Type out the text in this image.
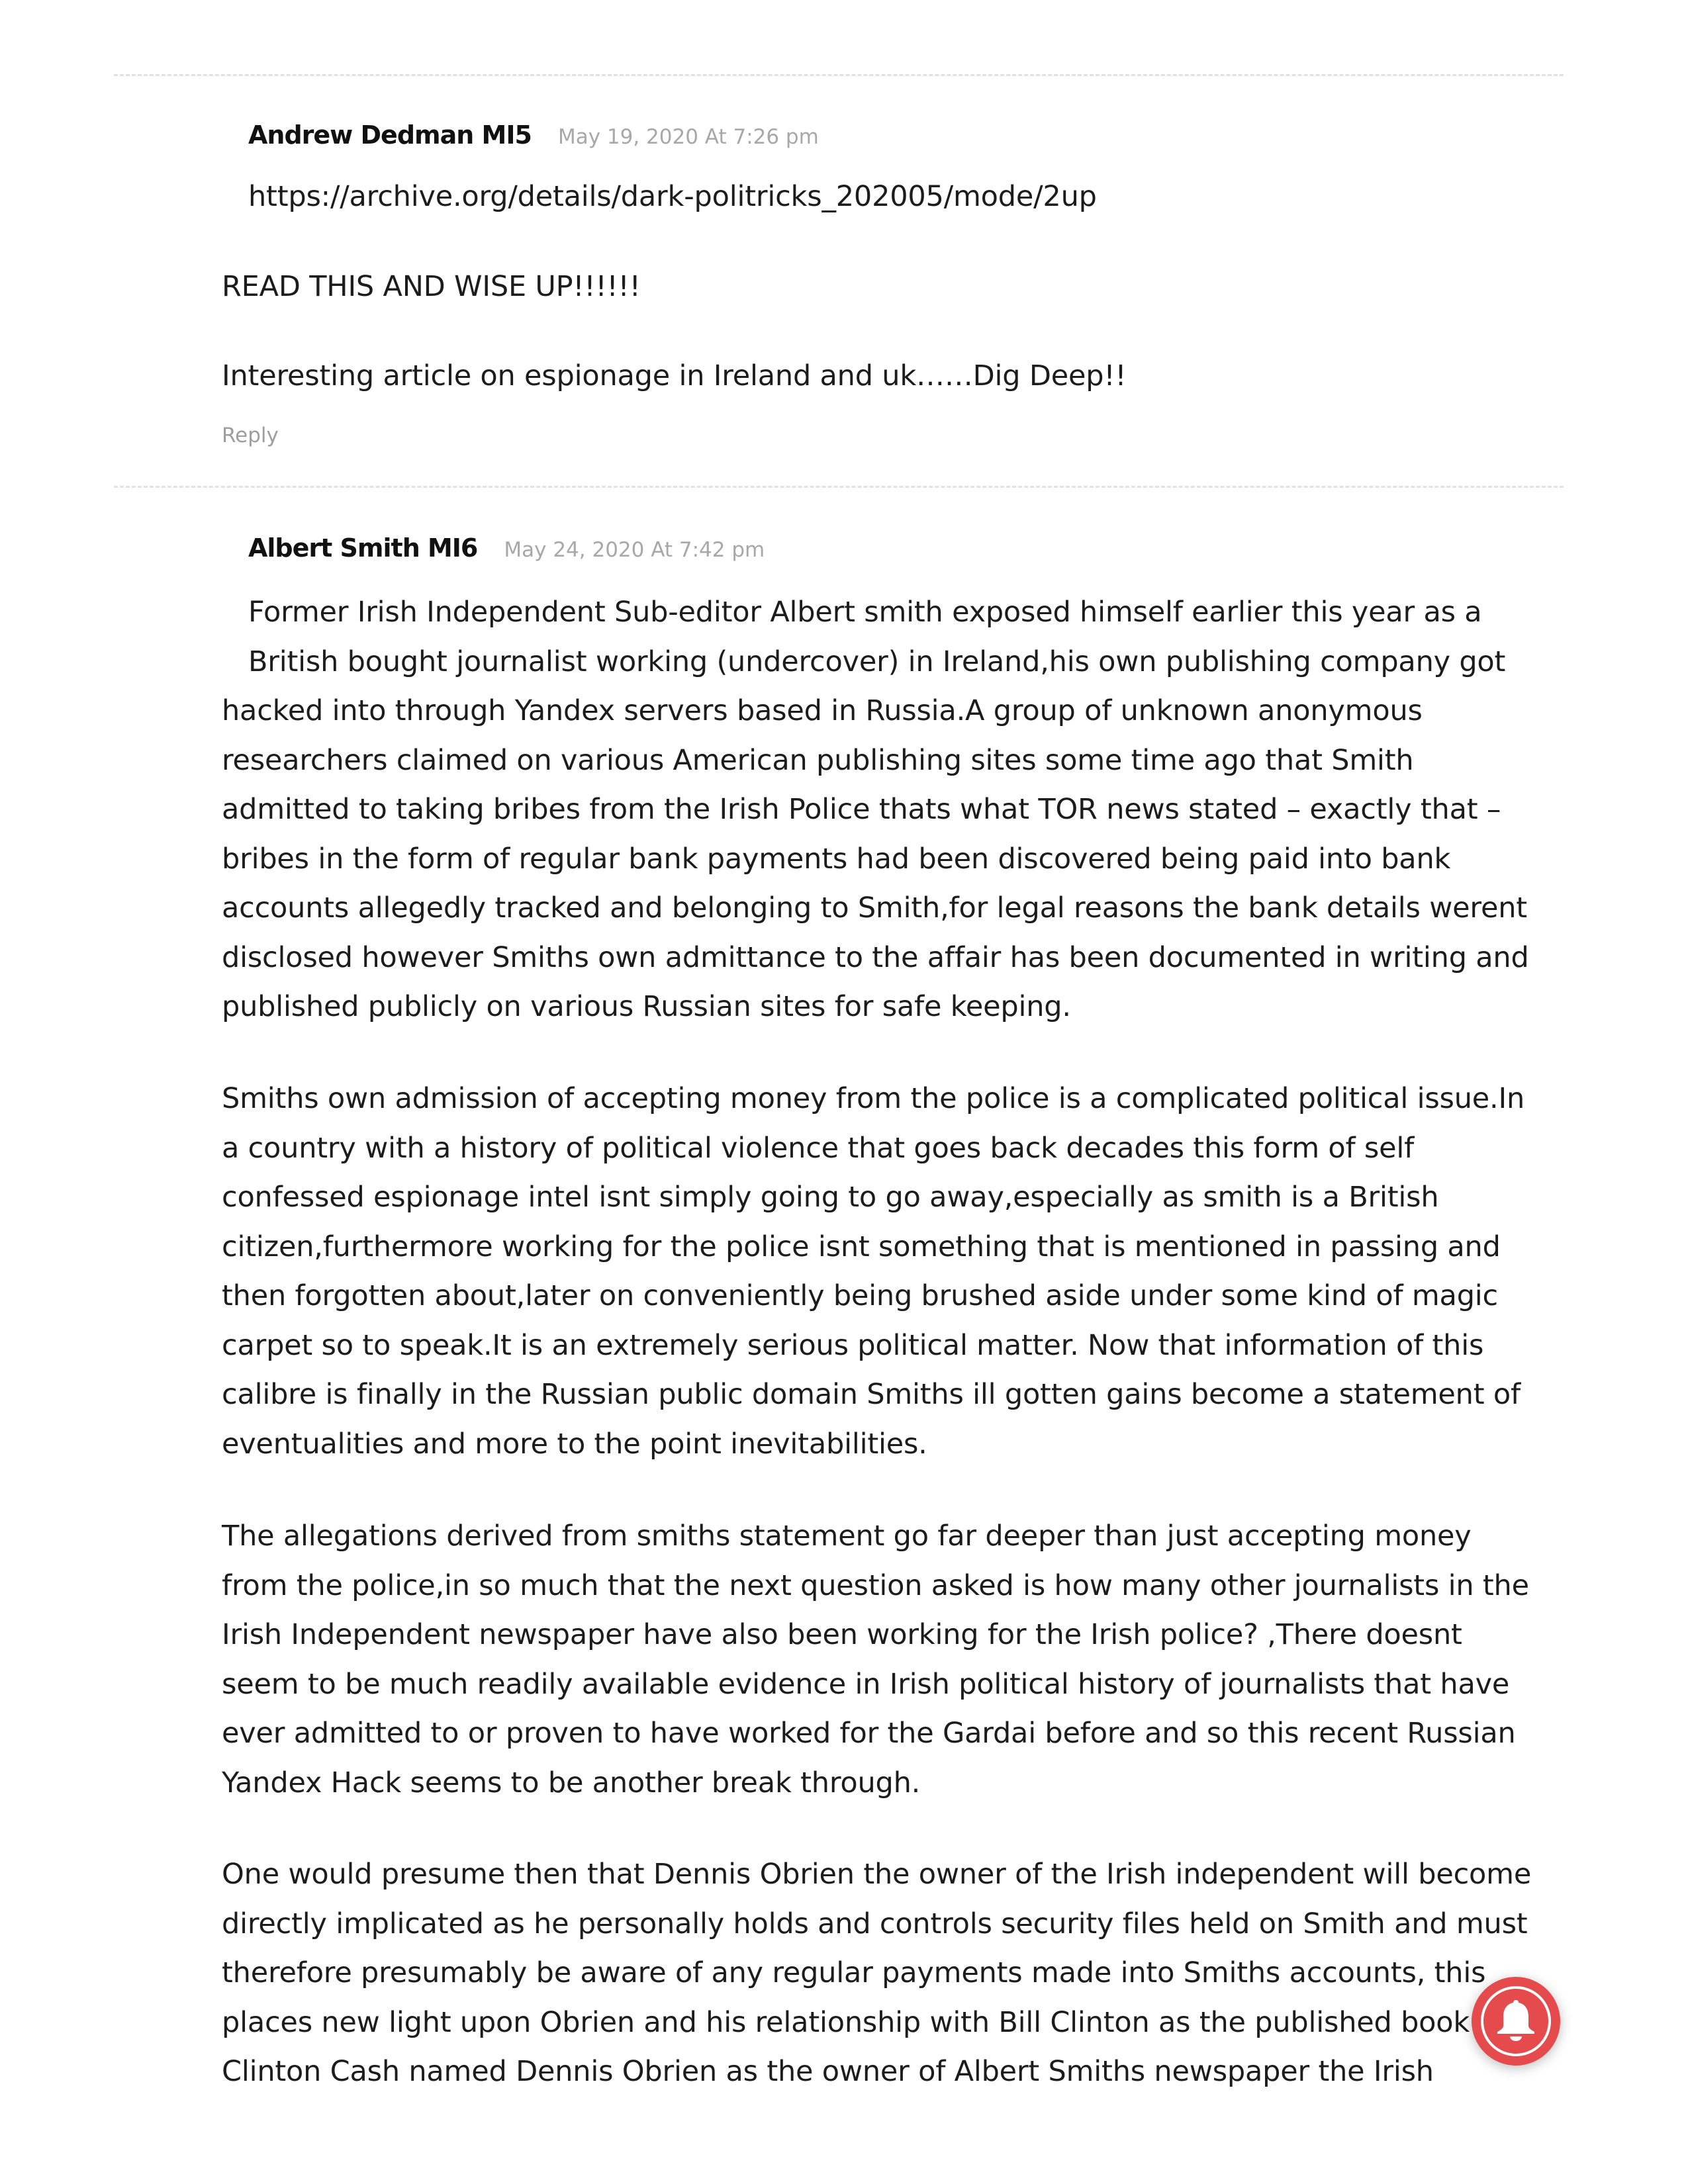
Andrew Dedman MI5 May 19, 2020 At 7:26 pm
https://archive.org/details/dark-politricks_202005/mode/2up
READ THIS AND WISE UP!!!!!!
Interesting article on espionage in Ireland and uk……Dig Deep!!
Reply
Albert Smith MI6 May 24, 2020 At 7:42 pm
Former Irish Independent Sub-editor Albert smith exposed himself earlier this year as a
British bought journalist working (undercover) in Ireland,his own publishing company got
hacked into through Yandex servers based in Russia.A group of unknown anonymous
researchers claimed on various American publishing sites some time ago that Smith
admitted to taking bribes from the Irish Police thats what TOR news stated – exactly that –
bribes in the form of regular bank payments had been discovered being paid into bank
accounts allegedly tracked and belonging to Smith,for legal reasons the bank details werent
disclosed however Smiths own admittance to the affair has been documented in writing and
published publicly on various Russian sites for safe keeping.
Smiths own admission of accepting money from the police is a complicated political issue.In
a country with a history of political violence that goes back decades this form of self
confessed espionage intel isnt simply going to go away,especially as smith is a British
citizen,furthermore working for the police isnt something that is mentioned in passing and
then forgotten about,later on conveniently being brushed aside under some kind of magic
carpet so to speak.It is an extremely serious political matter. Now that information of this
calibre is finally in the Russian public domain Smiths ill gotten gains become a statement of
eventualities and more to the point inevitabilities.
The allegations derived from smiths statement go far deeper than just accepting money
from the police,in so much that the next question asked is how many other journalists in the
Irish Independent newspaper have also been working for the Irish police? ,There doesnt
seem to be much readily available evidence in Irish political history of journalists that have
ever admitted to or proven to have worked for the Gardai before and so this recent Russian
Yandex Hack seems to be another break through.
One would presume then that Dennis Obrien the owner of the Irish independent will become
directly implicated as he personally holds and controls security files held on Smith and must
therefore presumably be aware of any regular payments made into Smiths accounts, this
places new light upon Obrien and his relationship with Bill Clinton as the published book
Clinton Cash named Dennis Obrien as the owner of Albert Smiths newspaper the Irish
